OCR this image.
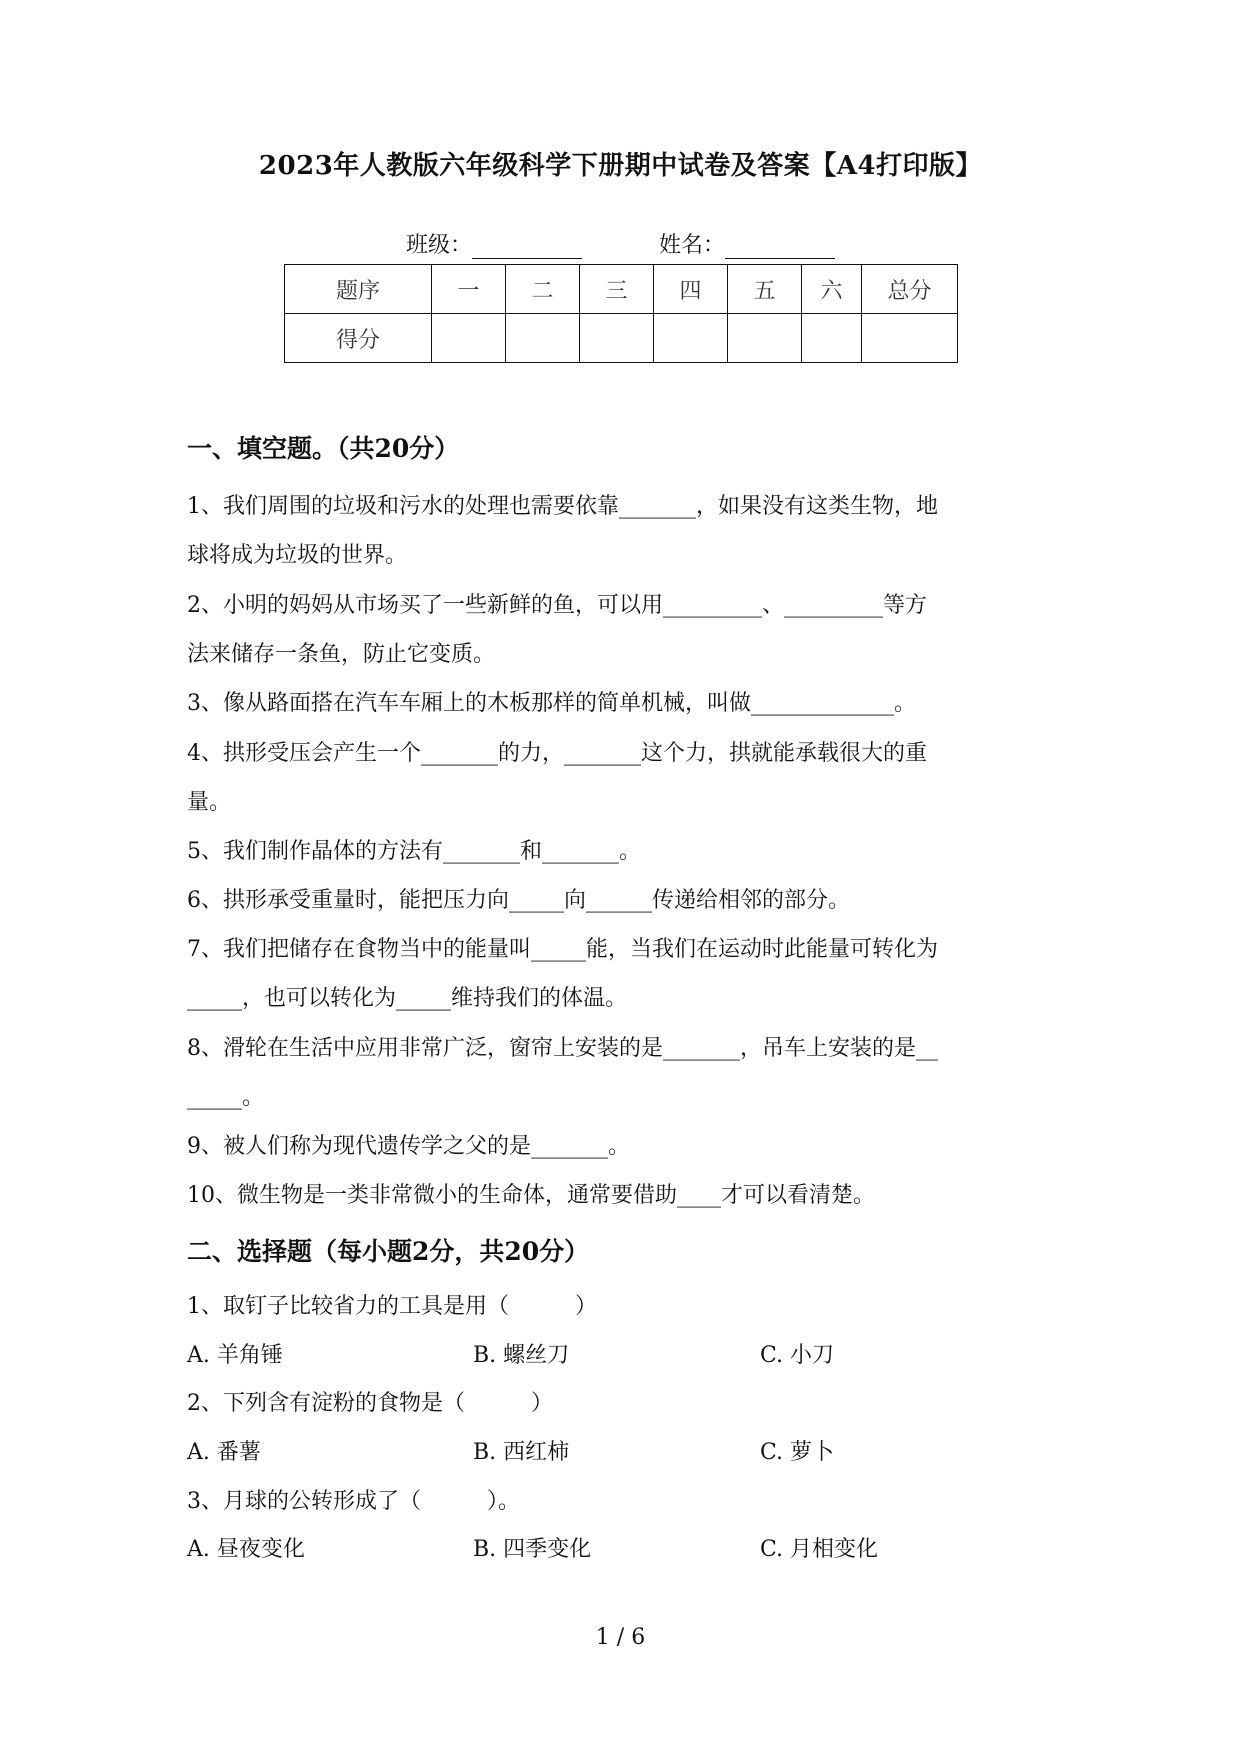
2023年人教版六年级科学下册期中试卷及答案【A4打印版】
班级：	姓名：
题序	一	二	三	四	五	六	总分
得分							
一、填空题。（共20分）
1、我们周围的垃圾和污水的处理也需要依靠_______，如果没有这类生物，地
球将成为垃圾的世界。
2、小明的妈妈从市场买了一些新鲜的鱼，可以用_________、_________等方
法来储存一条鱼，防止它变质。
3、像从路面搭在汽车车厢上的木板那样的简单机械，叫做_____________。
4、拱形受压会产生一个_______的力，_______这个力，拱就能承载很大的重
量。
5、我们制作晶体的方法有_______和_______。
6、拱形承受重量时，能把压力向_____向______传递给相邻的部分。
7、我们把储存在食物当中的能量叫_____能，当我们在运动时此能量可转化为
_____，也可以转化为_____维持我们的体温。
8、滑轮在生活中应用非常广泛，窗帘上安装的是_______，吊车上安装的是__
_____。
9、被人们称为现代遗传学之父的是_______。
10、微生物是一类非常微小的生命体，通常要借助____才可以看清楚。
二、选择题（每小题2分，共20分）
1、取钉子比较省力的工具是用（　　　）
A. 羊角锤	B. 螺丝刀	C. 小刀
2、下列含有淀粉的食物是（　　　）
A. 番薯	B. 西红柿	C. 萝卜
3、月球的公转形成了（　　　）。
A. 昼夜变化	B. 四季变化	C. 月相变化
1 / 6
